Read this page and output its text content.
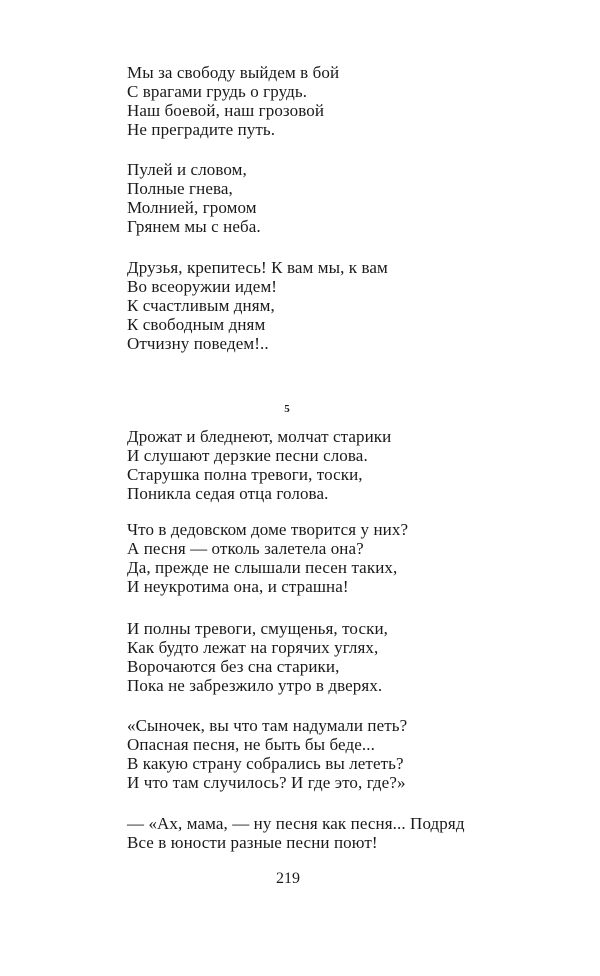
Мы за свободу выйдем в бой
С врагами грудь о грудь.
Наш боевой, наш грозовой
Не преградите путь.
Пулей и словом,
Полные гнева,
Молнией, громом
Грянем мы с неба.
Друзья, крепитесь! К вам мы, к вам
Во всеоружии идем!
К счастливым дням,
К свободным дням
Отчизну поведем!..
5
Дрожат и бледнеют, молчат старики
И слушают дерзкие песни слова.
Старушка полна тревоги, тоски,
Поникла седая отца голова.
Что в дедовском доме творится у них?
А песня — отколь залетела она?
Да, прежде не слышали песен таких,
И неукротима она, и страшна!
И полны тревоги, смущенья, тоски,
Как будто лежат на горячих углях,
Ворочаются без сна старики,
Пока не забрезжило утро в дверях.
«Сыночек, вы что там надумали петь?
Опасная песня, не быть бы беде...
В какую страну собрались вы лететь?
И что там случилось? И где это, где?»
— «Ах, мама, — ну песня как песня... Подряд
Все в юности разные песни поют!
219
